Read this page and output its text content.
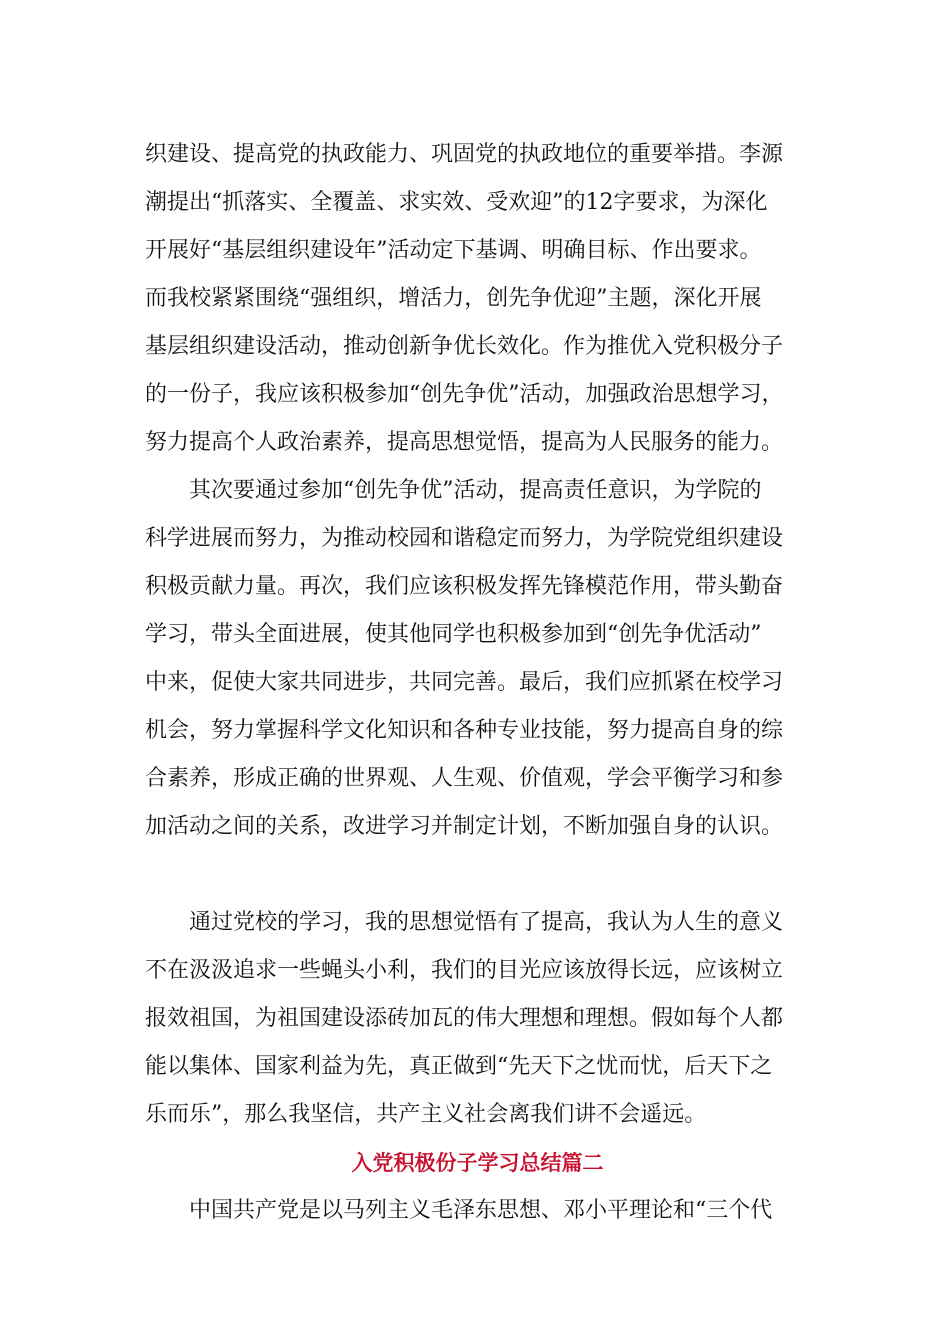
织建设、提高党的执政能力、巩固党的执政地位的重要举措。李源
潮提出“抓落实、全覆盖、求实效、受欢迎”的12字要求，为深化
开展好“基层组织建设年”活动定下基调、明确目标、作出要求。
而我校紧紧围绕“强组织，增活力，创先争优迎”主题，深化开展
基层组织建设活动，推动创新争优长效化。作为推优入党积极分子
的一份子，我应该积极参加“创先争优”活动，加强政治思想学习，
努力提高个人政治素养，提高思想觉悟，提高为人民服务的能力。
其次要通过参加“创先争优”活动，提高责任意识，为学院的
科学进展而努力，为推动校园和谐稳定而努力，为学院党组织建设
积极贡献力量。再次，我们应该积极发挥先锋模范作用，带头勤奋
学习，带头全面进展，使其他同学也积极参加到“创先争优活动”
中来，促使大家共同进步，共同完善。最后，我们应抓紧在校学习
机会，努力掌握科学文化知识和各种专业技能，努力提高自身的综
合素养，形成正确的世界观、人生观、价值观，学会平衡学习和参
加活动之间的关系，改进学习并制定计划，不断加强自身的认识。
通过党校的学习，我的思想觉悟有了提高，我认为人生的意义
不在汲汲追求一些蝇头小利，我们的目光应该放得长远，应该树立
报效祖国，为祖国建设添砖加瓦的伟大理想和理想。假如每个人都
能以集体、国家利益为先，真正做到“先天下之忧而忧，后天下之
乐而乐”，那么我坚信，共产主义社会离我们讲不会遥远。
入党积极份子学习总结篇二
中国共产党是以马列主义毛泽东思想、邓小平理论和“三个代
